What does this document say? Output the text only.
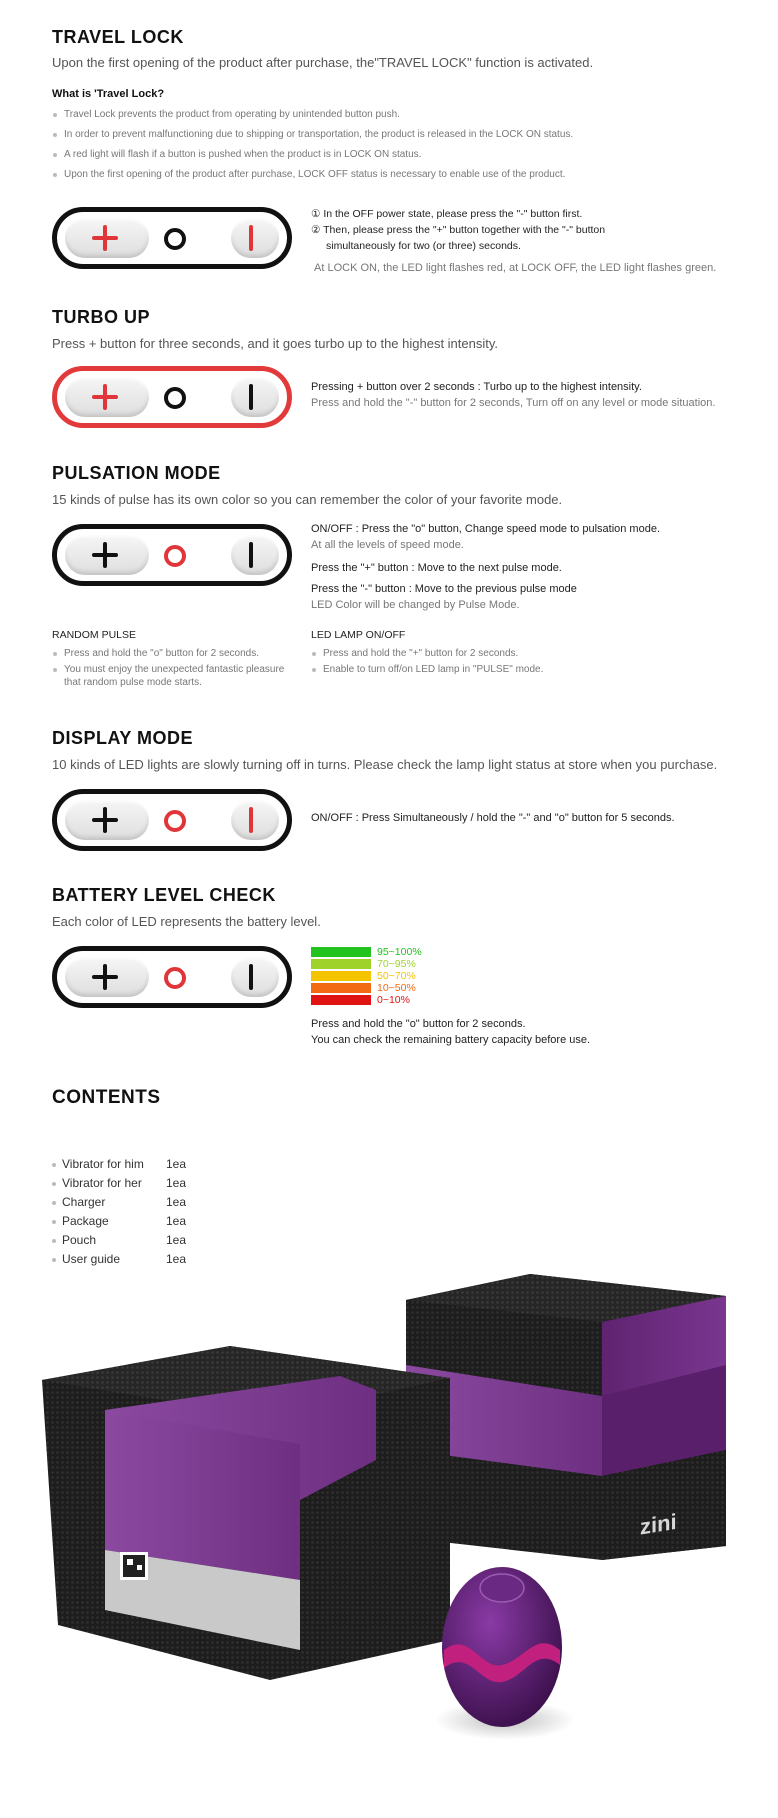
TRAVEL LOCK
Upon the first opening of the product after purchase, the"TRAVEL LOCK" function is activated.
What is 'Travel Lock?
Travel Lock prevents the product from operating by unintended button push.
In order to prevent malfunctioning due to shipping or transportation, the product is released in the LOCK ON status.
A red light will flash if a button is pushed when the product is in LOCK ON status.
Upon the first opening of the product after purchase, LOCK OFF status is necessary to enable use of the product.
① In the OFF power state, please press the "-" button first.
② Then, please press the "+" button together with the "-" button
simultaneously for two (or three) seconds.
At LOCK ON, the LED light flashes red, at LOCK OFF, the LED light flashes green.
TURBO UP
Press + button for three seconds, and it goes turbo up to the highest intensity.
Pressing + button over 2 seconds : Turbo up to the highest intensity.
Press and hold the "-" button for 2 seconds, Turn off on any level or mode situation.
PULSATION MODE
15 kinds of pulse has its own color so you can remember the color of your favorite mode.
ON/OFF : Press the "o" button, Change speed mode to pulsation mode.
At all the levels of speed mode.
Press the "+" button : Move to the next pulse mode.
Press the "-" button : Move to the previous pulse mode
LED Color will be changed by Pulse Mode.
RANDOM PULSE
Press and hold the "o" button for 2 seconds.
You must enjoy the unexpected fantastic pleasure that random pulse mode starts.
LED LAMP ON/OFF
Press and hold the "+" button for 2 seconds.
Enable to turn off/on LED lamp in "PULSE" mode.
DISPLAY MODE
10 kinds of LED lights are slowly turning off in turns. Please check the lamp light status at store when you purchase.
ON/OFF : Press Simultaneously / hold the "-" and "o" button for 5 seconds.
BATTERY LEVEL CHECK
Each color of LED represents the battery level.
95~100%
70~95%
50~70%
10~50%
0~10%
Press and hold the "o" button for 2 seconds.
You can check the remaining battery capacity before use.
CONTENTS
Vibrator for him 1ea
Vibrator for her 1ea
Charger	1ea
Package	1ea
Pouch	1ea
User guide	1ea
zini
